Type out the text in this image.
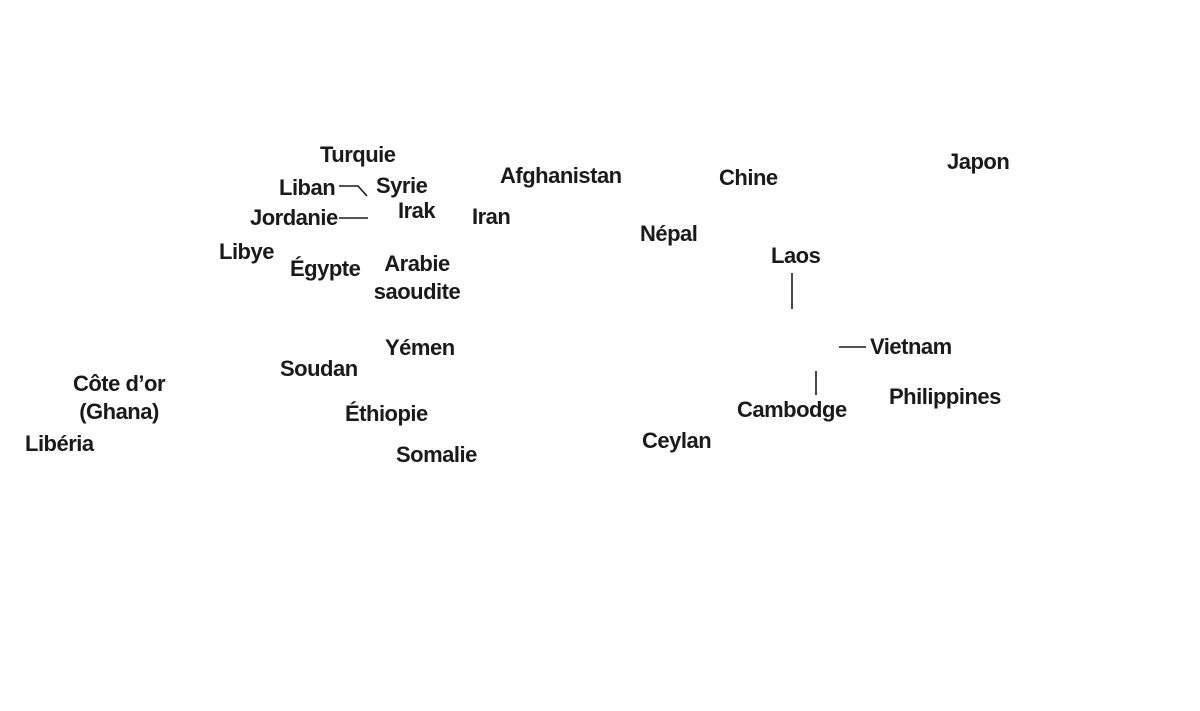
Turquie
Liban Syrie
Jordanie	Irak Iran
Afghanistan	Chine
Japon
Népal
Laos
Libye
Égypte	Arabie
saoudite
Yémen
Soudan
Vietnam
Côte d’or
(Ghana)	Éthiopie	Cambodge
Philippines
Libéria	Somalie
Ceylan
